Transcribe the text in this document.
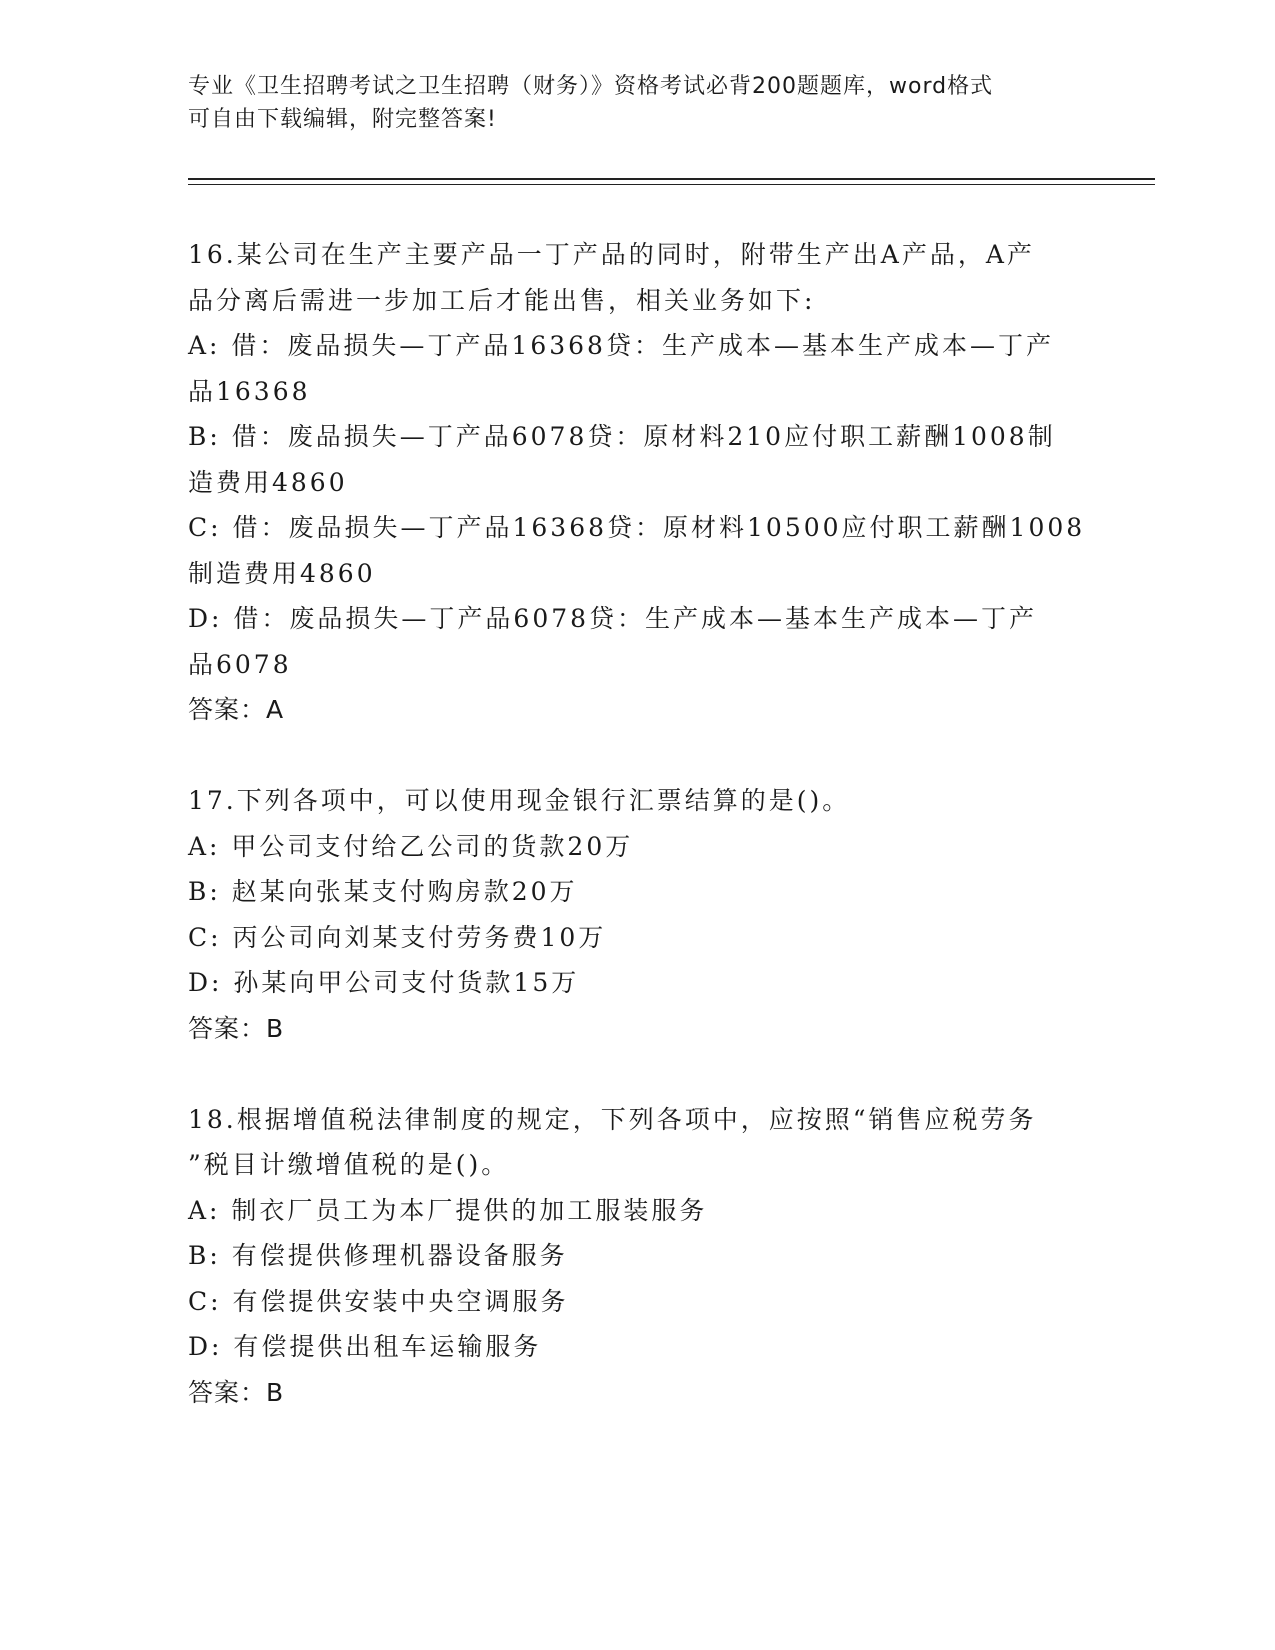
专业《卫生招聘考试之卫生招聘（财务）》资格考试必背200题题库，word格式
可自由下载编辑，附完整答案!
16.某公司在生产主要产品一丁产品的同时，附带生产出A产品，A产
品分离后需进一步加工后才能出售，相关业务如下:
A: 借：废品损失—丁产品16368贷：生产成本—基本生产成本—丁产
品16368
B: 借：废品损失—丁产品6078贷：原材料210应付职工薪酬1008制
造费用4860
C: 借：废品损失—丁产品16368贷：原材料10500应付职工薪酬1008
制造费用4860
D: 借：废品损失—丁产品6078贷：生产成本—基本生产成本—丁产
品6078
答案：A
17.下列各项中，可以使用现金银行汇票结算的是()。
A: 甲公司支付给乙公司的货款20万
B: 赵某向张某支付购房款20万
C: 丙公司向刘某支付劳务费10万
D: 孙某向甲公司支付货款15万
答案：B
18.根据增值税法律制度的规定，下列各项中，应按照“销售应税劳务
”税目计缴增值税的是()。
A: 制衣厂员工为本厂提供的加工服装服务
B: 有偿提供修理机器设备服务
C: 有偿提供安装中央空调服务
D: 有偿提供出租车运输服务
答案：B
